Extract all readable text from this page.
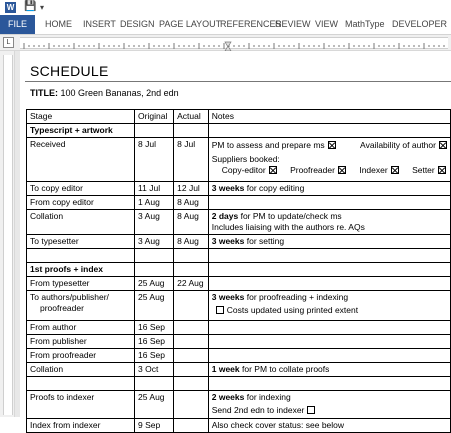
W 💾 ▾
FILE	HOME INSERT DESIGN PAGE LAYOUT
REFERENCES
REVIEW VIEW MathType DEVELOPER
L
SCHEDULE
TITLE: 100 Green Bananas, 2nd edn
Stage	Original	Actual	Notes
Typescript + artwork			
Received	8 Jul	8 Jul	PM to assess and prepare ms Availability of author
Suppliers booked:
Copy-editor Proofreader Indexer Setter

To copy editor	11 Jul	12 Jul	3 weeks for copy editing
From copy editor	1 Aug	8 Aug	
Collation	3 Aug	8 Aug	2 days for PM to update/check ms
Includes liaising with the authors re. AQs

To typesetter	3 Aug	8 Aug	3 weeks for setting

1st proofs + index			
From typesetter	25 Aug	22 Aug	

To authors/publisher/
proofreader	25 Aug		3 weeks for proofreading + indexing
Costs updated using printed extent

From author	16 Sep		
From publisher	16 Sep		
From proofreader	16 Sep		
Collation	3 Oct		1 week for PM to collate proofs

Proofs to indexer	25 Aug		2 weeks for indexing
Send 2nd edn to indexer

Index from indexer	9 Sep		Also check cover status: see below
